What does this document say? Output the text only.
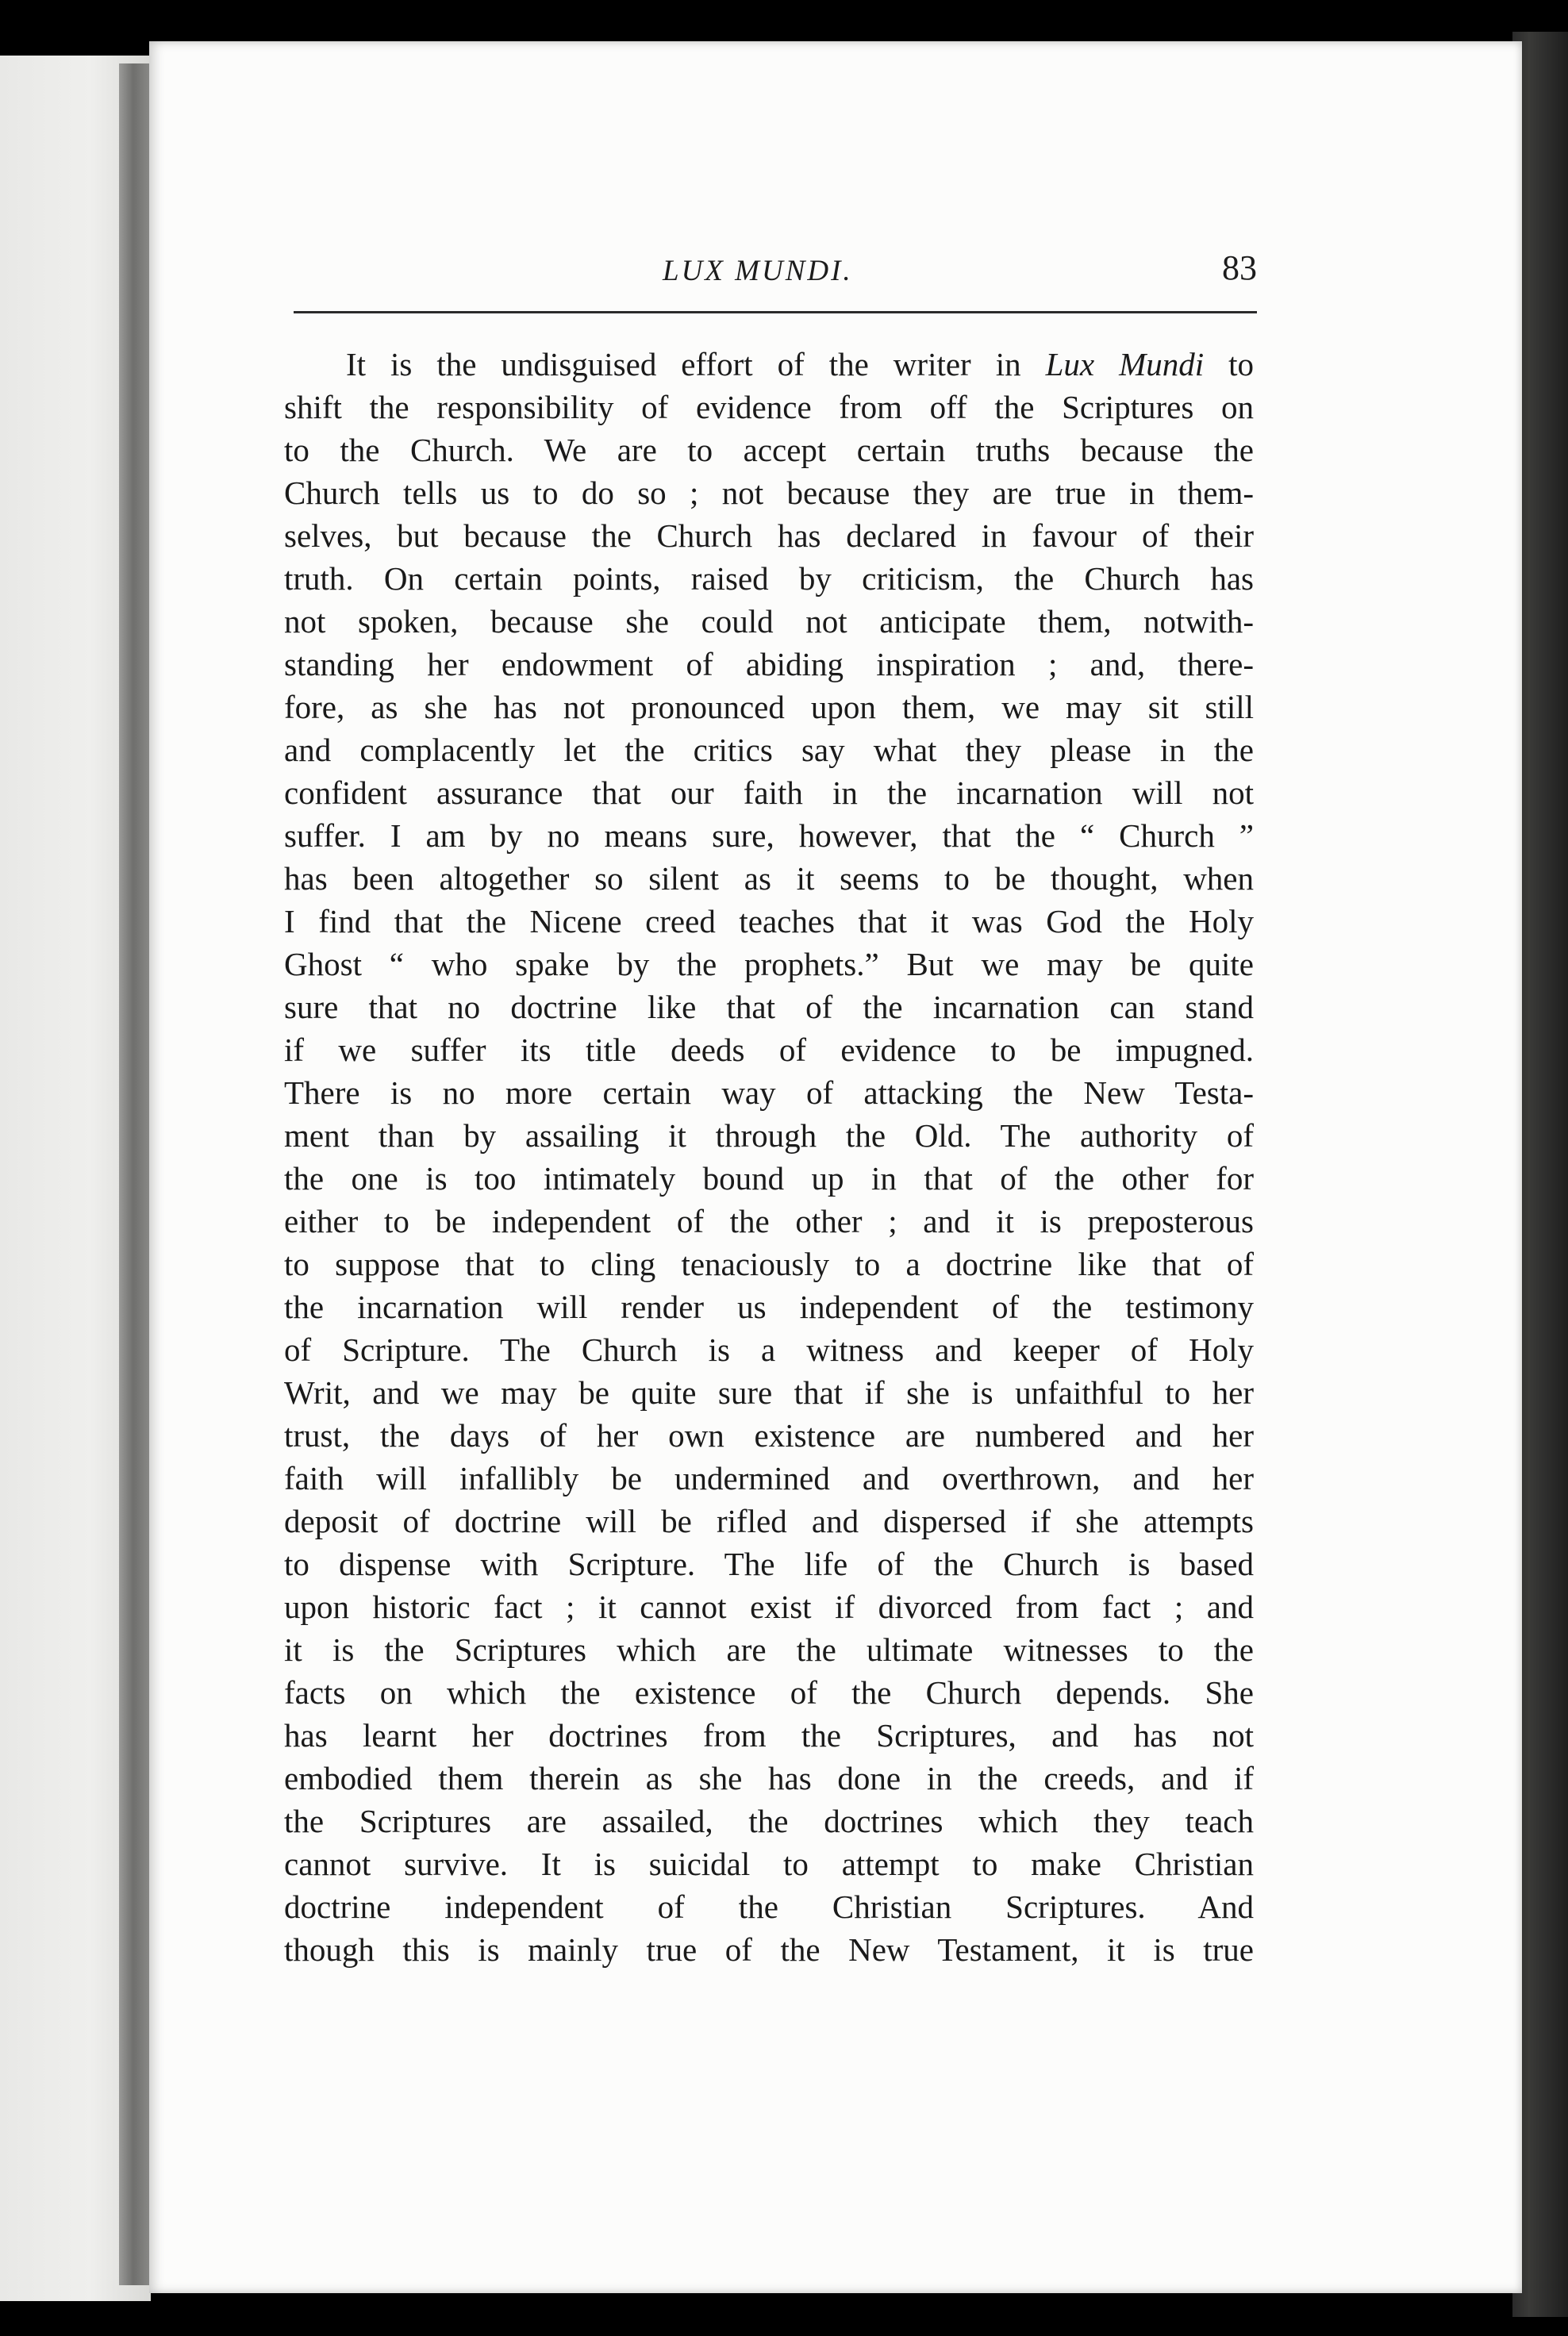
LUX MUNDI.	83
It is the undisguised effort of the writer in Lux Mundi to
shift the responsibility of evidence from off the Scriptures on
to the Church. We are to accept certain truths because the
Church tells us to do so ; not because they are true in them-
selves, but because the Church has declared in favour of their
truth. On certain points, raised by criticism, the Church has
not spoken, because she could not anticipate them, notwith-
standing her endowment of abiding inspiration ; and, there-
fore, as she has not pronounced upon them, we may sit still
and complacently let the critics say what they please in the
confident assurance that our faith in the incarnation will not
suffer. I am by no means sure, however, that the “ Church ”
has been altogether so silent as it seems to be thought, when
I find that the Nicene creed teaches that it was God the Holy
Ghost “ who spake by the prophets.” But we may be quite
sure that no doctrine like that of the incarnation can stand
if we suffer its title deeds of evidence to be impugned.
There is no more certain way of attacking the New Testa-
ment than by assailing it through the Old. The authority of
the one is too intimately bound up in that of the other for
either to be independent of the other ; and it is preposterous
to suppose that to cling tenaciously to a doctrine like that of
the incarnation will render us independent of the testimony
of Scripture. The Church is a witness and keeper of Holy
Writ, and we may be quite sure that if she is unfaithful to her
trust, the days of her own existence are numbered and her
faith will infallibly be undermined and overthrown, and her
deposit of doctrine will be rifled and dispersed if she attempts
to dispense with Scripture. The life of the Church is based
upon historic fact ; it cannot exist if divorced from fact ; and
it is the Scriptures which are the ultimate witnesses to the
facts on which the existence of the Church depends. She
has learnt her doctrines from the Scriptures, and has not
embodied them therein as she has done in the creeds, and if
the Scriptures are assailed, the doctrines which they teach
cannot survive. It is suicidal to attempt to make Christian
doctrine independent of the Christian Scriptures. And
though this is mainly true of the New Testament, it is true
